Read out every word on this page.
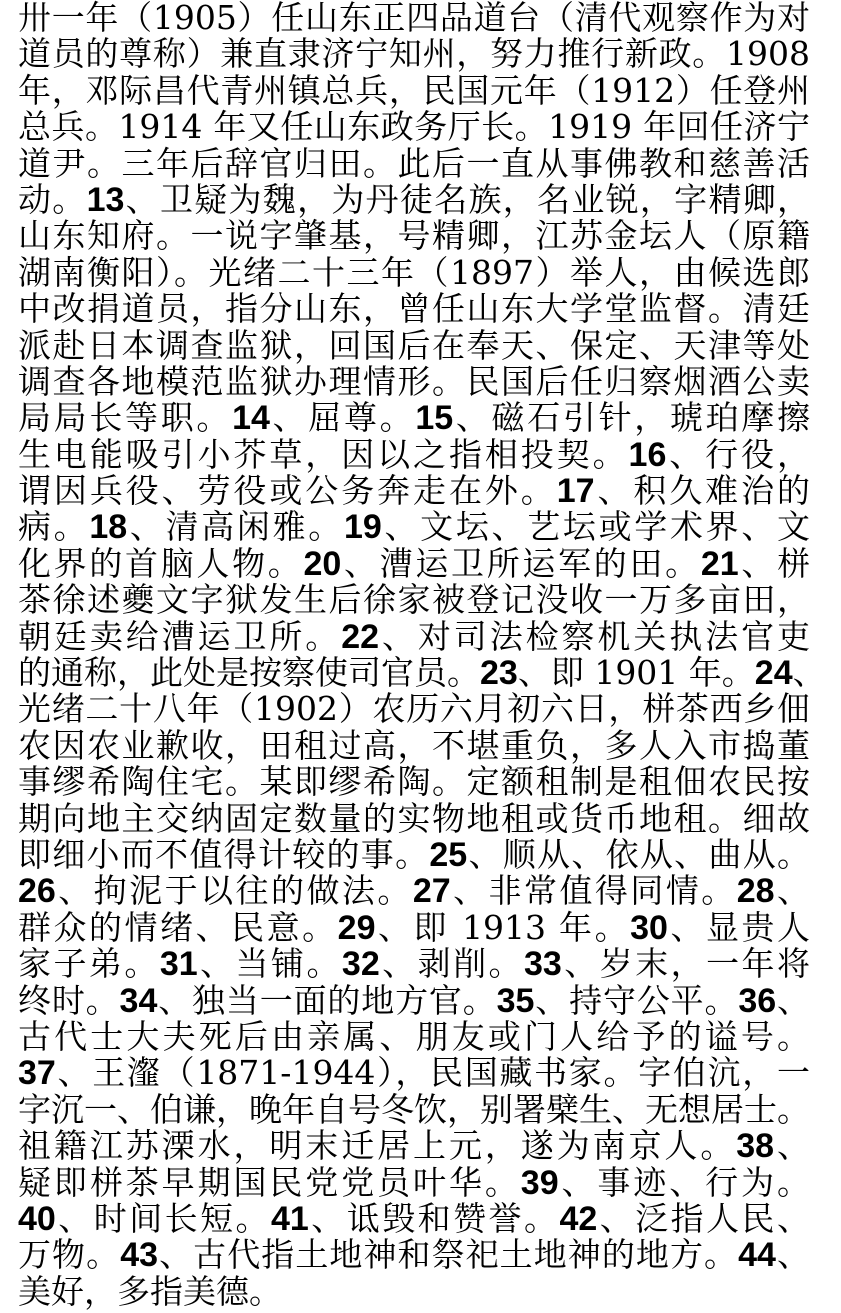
卅一年（1905）任山东正四品道台（清代观察作为对
道员的尊称）兼直隶济宁知州，努力推行新政。1908
年，邓际昌代青州镇总兵，民国元年（1912）任登州
总兵。1914 年又任山东政务厅长。1919 年回任济宁
道尹。三年后辞官归田。此后一直从事佛教和慈善活
动。13、卫疑为魏，为丹徒名族，名业锐，字精卿，
山东知府。一说字肇基，号精卿，江苏金坛人（原籍
湖南衡阳）。光绪二十三年（1897）举人，由候选郎
中改捐道员，指分山东，曾任山东大学堂监督。清廷
派赴日本调查监狱，回国后在奉天、保定、天津等处
调查各地模范监狱办理情形。民国后任归察烟酒公卖
局局长等职。14、屈尊。15、磁石引针，琥珀摩擦
生电能吸引小芥草，因以之指相投契。16、行役，
谓因兵役、劳役或公务奔走在外。17、积久难治的
病。18、清高闲雅。19、文坛、艺坛或学术界、文
化界的首脑人物。20、漕运卫所运军的田。21、栟
茶徐述夔文字狱发生后徐家被登记没收一万多亩田，
朝廷卖给漕运卫所。22、对司法检察机关执法官吏
的通称，此处是按察使司官员。23、即 1901 年。24、
光绪二十八年（1902）农历六月初六日，栟茶西乡佃
农因农业歉收，田租过高，不堪重负，多人入市捣董
事缪希陶住宅。某即缪希陶。定额租制是租佃农民按
期向地主交纳固定数量的实物地租或货币地租。细故
即细小而不值得计较的事。25、顺从、依从、曲从。
26、拘泥于以往的做法。27、非常值得同情。28、
群众的情绪、民意。29、即 1913 年。30、显贵人
家子弟。31、当铺。32、剥削。33、岁末，一年将
终时。34、独当一面的地方官。35、持守公平。36、
古代士大夫死后由亲属、朋友或门人给予的谥号。
37、王瀣（1871-1944），民国藏书家。字伯沆，一
字沉一、伯谦，晚年自号冬饮，别署檗生、无想居士。
祖籍江苏溧水，明末迁居上元，遂为南京人。38、
疑即栟茶早期国民党党员叶华。39、事迹、行为。
40、时间长短。41、诋毁和赞誉。42、泛指人民、
万物。43、古代指土地神和祭祀土地神的地方。44、
美好，多指美德。
